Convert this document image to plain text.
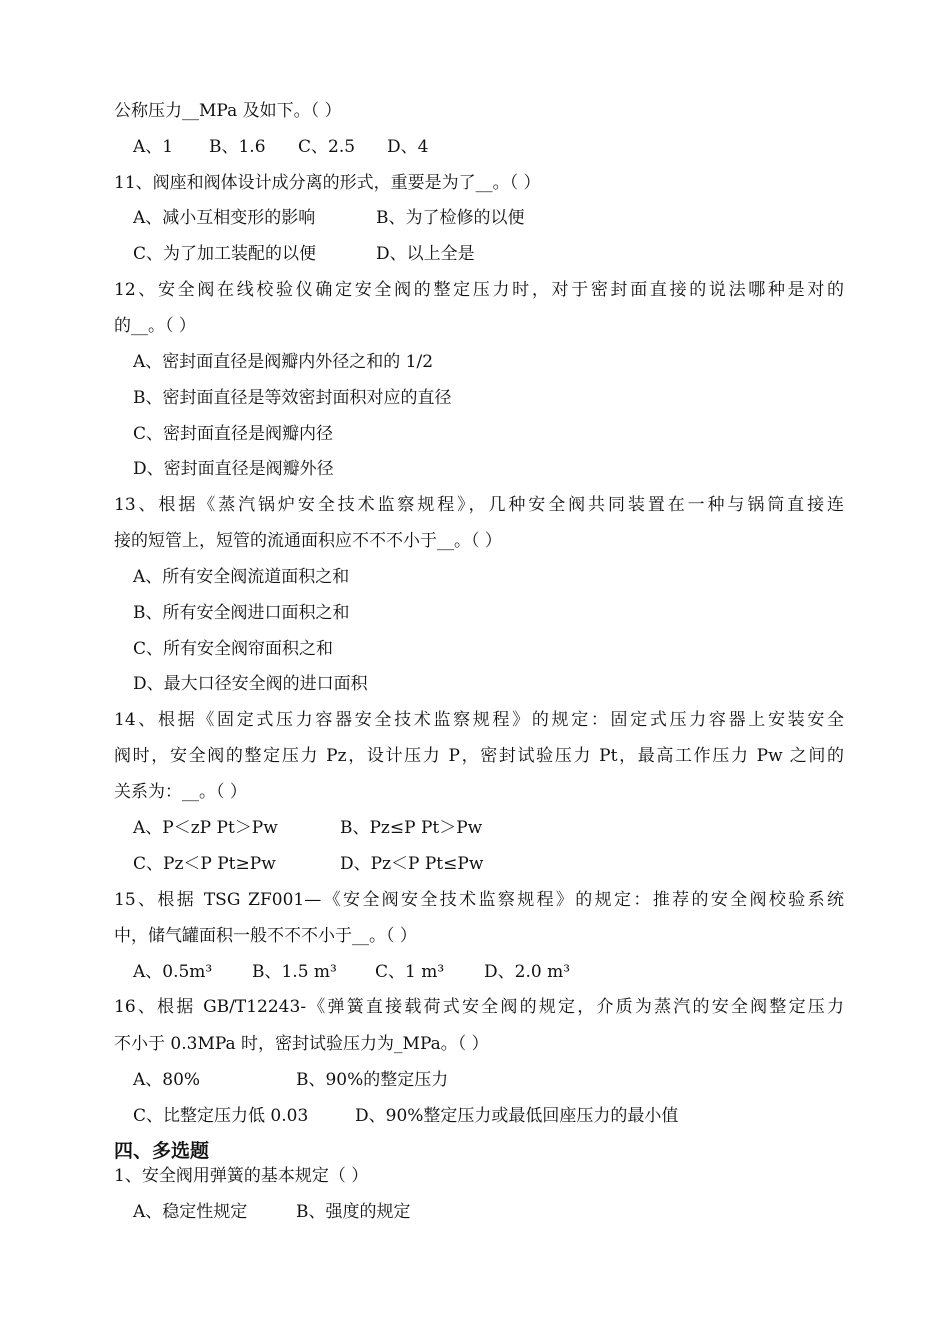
公称压力__MPa 及如下。（ ）
A、1 B、1.6 C、2.5 D、4
11、阀座和阀体设计成分离的形式，重要是为了__。（ ）
A、减小互相变形的影响	B、为了检修的以便
C、为了加工装配的以便	D、以上全是
12、安全阀在线校验仪确定安全阀的整定压力时，对于密封面直接的说法哪种是对的
的__。（ ）
A、密封面直径是阀瓣内外径之和的 1/2
B、密封面直径是等效密封面积对应的直径
C、密封面直径是阀瓣内径
D、密封面直径是阀瓣外径
13、根据《蒸汽锅炉安全技术监察规程》，几种安全阀共同装置在一种与锅筒直接连
接的短管上，短管的流通面积应不不不小于__。（ ）
A、所有安全阀流道面积之和
B、所有安全阀进口面积之和
C、所有安全阀帘面积之和
D、最大口径安全阀的进口面积
14、根据《固定式压力容器安全技术监察规程》的规定：固定式压力容器上安装安全
阀时，安全阀的整定压力 Pz，设计压力 P，密封试验压力 Pt，最高工作压力 Pw 之间的
关系为：__。（ ）
A、P＜zP Pt＞Pw	B、Pz≤P Pt＞Pw
C、Pz＜P Pt≥Pw	D、Pz＜P Pt≤Pw
15、根据 TSG ZF001—《安全阀安全技术监察规程》的规定：推荐的安全阀校验系统
中，储气罐面积一般不不不小于__。（ ）
A、0.5m³ B、1.5 m³ C、1 m³ D、2.0 m³
16、根据 GB/T12243-《弹簧直接载荷式安全阀的规定，介质为蒸汽的安全阀整定压力
不小于 0.3MPa 时，密封试验压力为_MPa。（ ）
A、80%	B、90%的整定压力
C、比整定压力低 0.03	D、90%整定压力或最低回座压力的最小值
四、多选题
1、安全阀用弹簧的基本规定（ ）
A、稳定性规定	B、强度的规定
